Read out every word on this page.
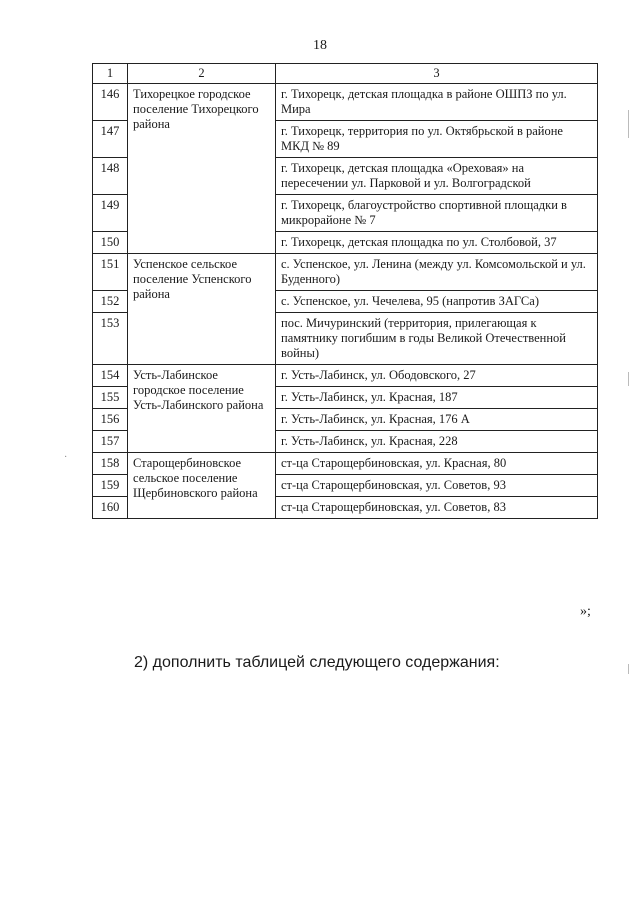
18
1	2	3
146	Тихорецкое городское поселение Тихорецкого района	г. Тихорецк, детская площадка в районе ОШПЗ по ул. Мира
147		г. Тихорецк, территория по ул. Октябрьской в районе МКД № 89
148		г. Тихорецк, детская площадка «Ореховая» на пересечении ул. Парковой и ул. Волгоградской
149		г. Тихорецк, благоустройство спортивной площадки в микрорайоне № 7
150		г. Тихорецк, детская площадка по ул. Столбовой, 37
151	Успенское сельское поселение Успенского района	с. Успенское, ул. Ленина (между ул. Комсомольской и ул. Буденного)
152		с. Успенское, ул. Чечелева, 95 (напротив ЗАГСа)
153		пос. Мичуринский (территория, прилегающая к памятнику погибшим в годы Великой Отечественной войны)
154	Усть-Лабинское городское поселение Усть-Лабинского района	г. Усть-Лабинск, ул. Ободовского, 27
155		г. Усть-Лабинск, ул. Красная, 187
156		г. Усть-Лабинск, ул. Красная, 176 А
157		г. Усть-Лабинск, ул. Красная, 228
158	Старощербиновское сельское поселение Щербиновского района	ст-ца Старощербиновская, ул. Красная, 80
159		ст-ца Старощербиновская, ул. Советов, 93
160		ст-ца Старощербиновская, ул. Советов, 83
»;
2) дополнить таблицей следующего содержания:
·
